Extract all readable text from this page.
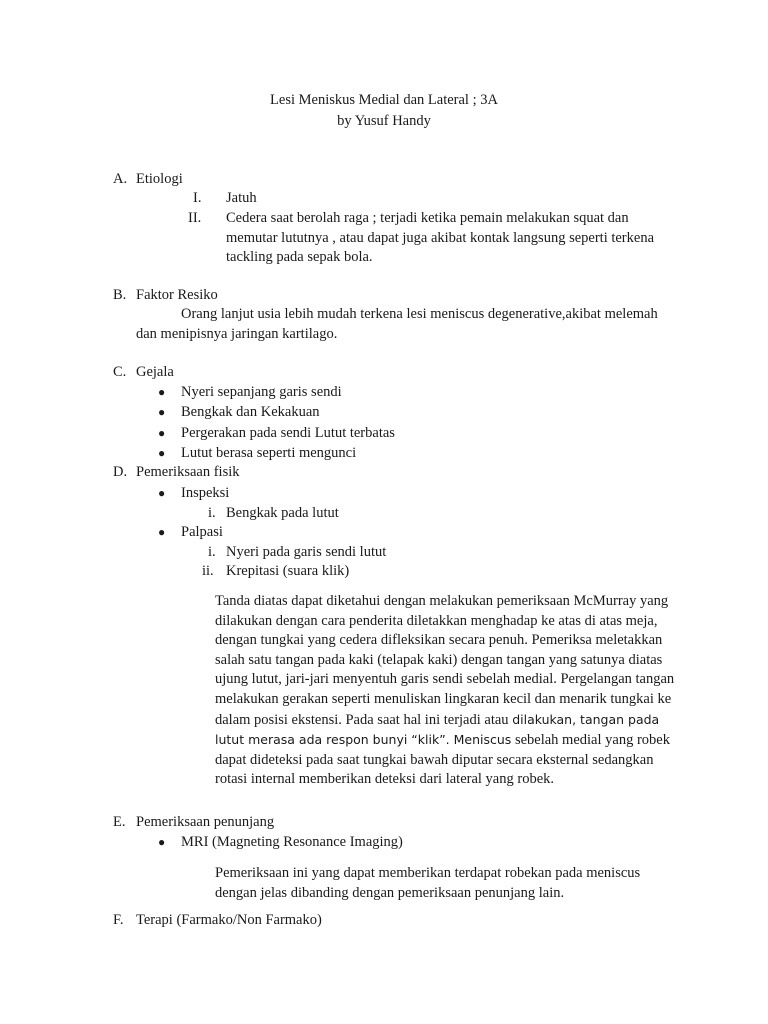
Lesi Meniskus Medial dan Lateral ; 3A
by Yusuf Handy
A. Etiologi
I. Jatuh
II. Cedera saat berolah raga ; terjadi ketika pemain melakukan squat dan
memutar lututnya , atau dapat juga akibat kontak langsung seperti terkena
tackling pada sepak bola.
B. Faktor Resiko
Orang lanjut usia lebih mudah terkena lesi meniscus degenerative,akibat melemah
dan menipisnya jaringan kartilago.
C. Gejala
● Nyeri sepanjang garis sendi
● Bengkak dan Kekakuan
● Pergerakan pada sendi Lutut terbatas
● Lutut berasa seperti mengunci
D. Pemeriksaan fisik
● Inspeksi
i. Bengkak pada lutut
● Palpasi
i. Nyeri pada garis sendi lutut
ii. Krepitasi (suara klik)
Tanda diatas dapat diketahui dengan melakukan pemeriksaan McMurray yang dilakukan dengan cara penderita diletakkan menghadap ke atas di atas meja, dengan tungkai yang cedera difleksikan secara penuh. Pemeriksa meletakkan salah satu tangan pada kaki (telapak kaki) dengan tangan yang satunya diatas ujung lutut, jari-jari menyentuh garis sendi sebelah medial. Pergelangan tangan melakukan gerakan seperti menuliskan lingkaran kecil dan menarik tungkai ke dalam posisi ekstensi. Pada saat hal ini terjadi atau dilakukan, tangan pada lutut merasa ada respon bunyi “klik”. Meniscus sebelah medial yang robek dapat dideteksi pada saat tungkai bawah diputar secara eksternal sedangkan rotasi internal memberikan deteksi dari lateral yang robek.
E. Pemeriksaan penunjang
● MRI (Magneting Resonance Imaging)
Pemeriksaan ini yang dapat memberikan terdapat robekan pada meniscus dengan jelas dibanding dengan pemeriksaan penunjang lain.
F. Terapi (Farmako/Non Farmako)
